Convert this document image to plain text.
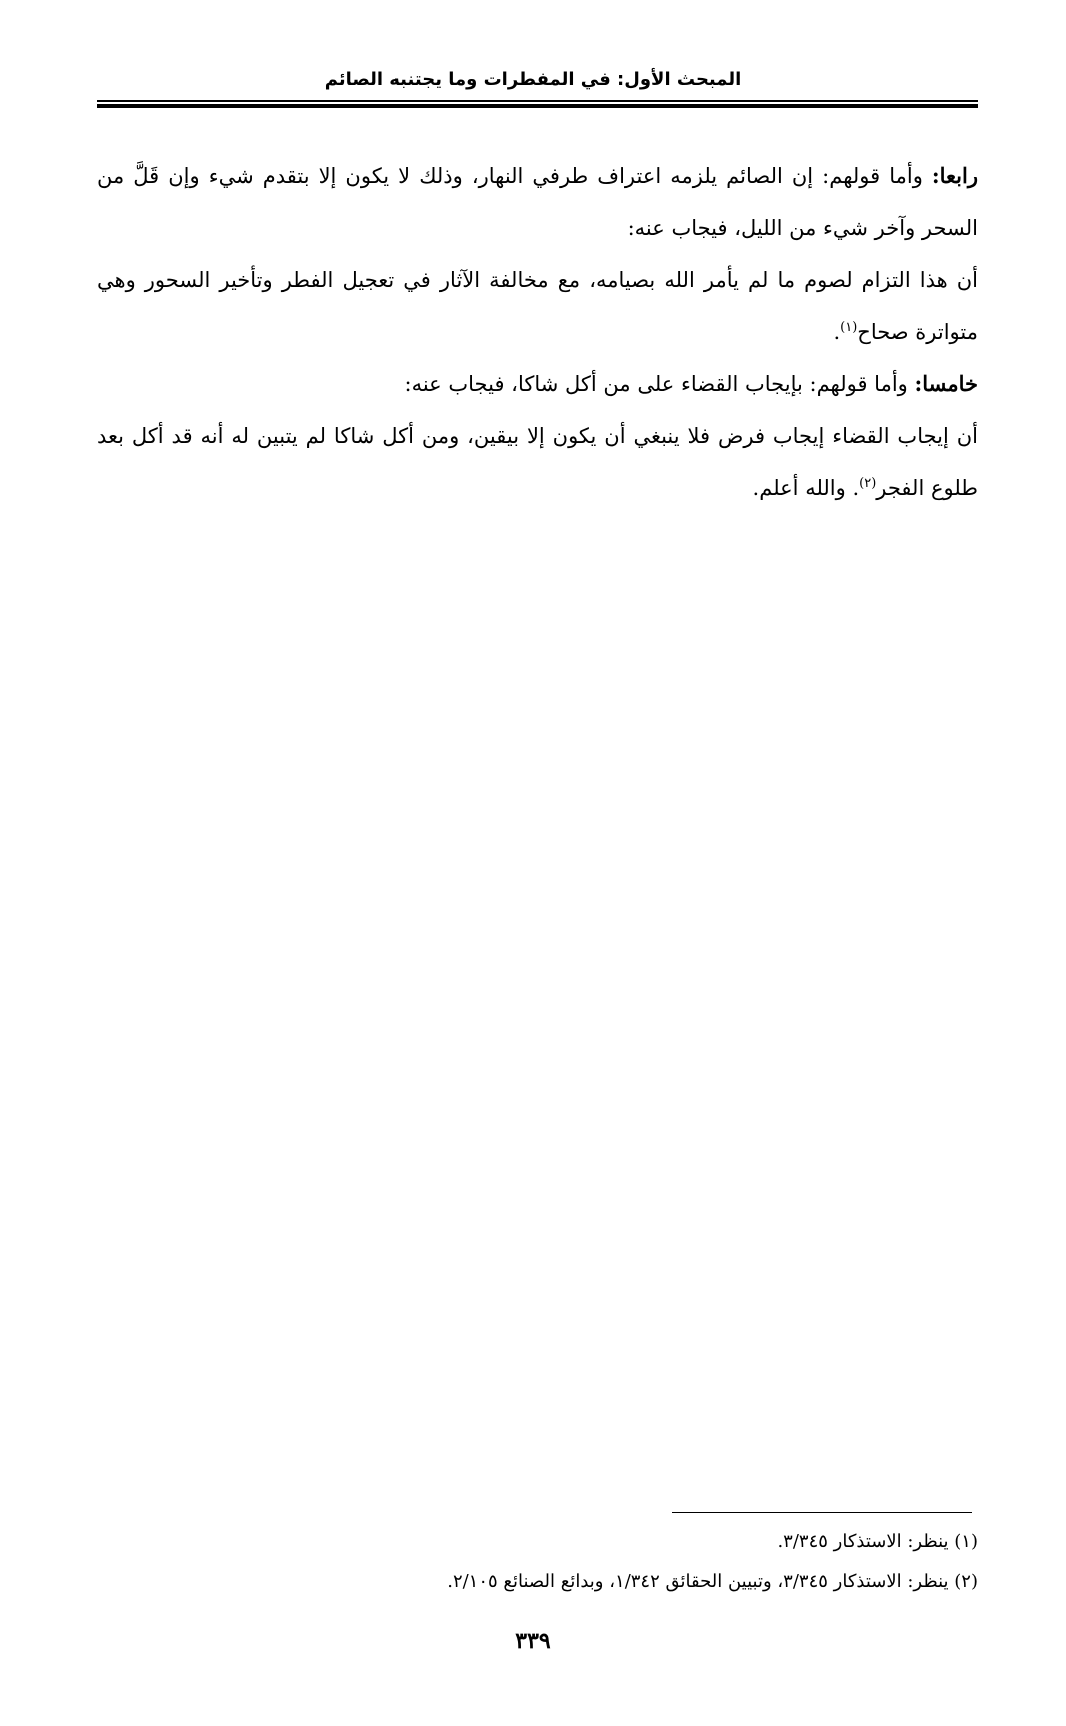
المبحث الأول: في المفطرات وما يجتنبه الصائم

رابعا: وأما قولهم: إن الصائم يلزمه اعتراف طرفي النهار، وذلك لا يكون إلا بتقدم شيء وإن قَلَّ من السحر وآخر شيء من الليل، فيجاب عنه:

أن هذا التزام لصوم ما لم يأمر الله بصيامه، مع مخالفة الآثار في تعجيل الفطر وتأخير السحور وهي متواترة صحاح$^{(١)}$.

خامسا: وأما قولهم: بإيجاب القضاء على من أكل شاكا، فيجاب عنه:

أن إيجاب القضاء إيجاب فرض فلا ينبغي أن يكون إلا بيقين، ومن أكل شاكا لم يتبين له أنه قد أكل بعد طلوع الفجر$^{(٢)}$. والله أعلم.

(١) ينظر: الاستذكار ٣/٣٤٥.

(٢) ينظر: الاستذكار ٣/٣٤٥، وتبيين الحقائق ١/٣٤٢، وبدائع الصنائع ٢/١٠٥.

٣٣٩
